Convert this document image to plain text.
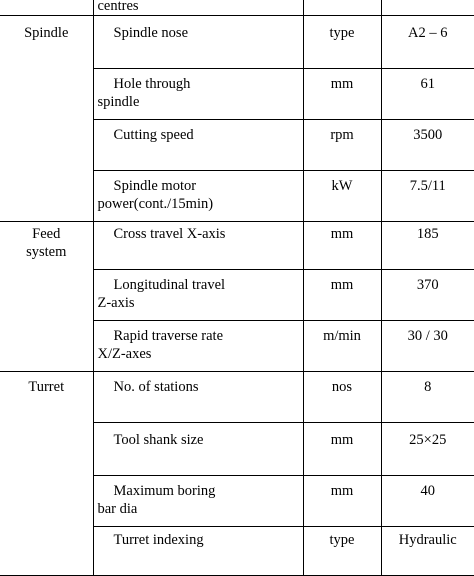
	centres		

Spindle	Spindle nose	type	A2 – 6

	Hole through
spindle	mm	61

	Cutting speed	rpm	3500

	Spindle motor
power(cont./15min)	kW	7.5/11
Feed
system	Cross travel X-axis	mm	185

	Longitudinal travel
Z-axis	mm	370

	Rapid traverse rate
X/Z-axes	m/min	30 / 30
Turret	No. of stations	nos	8

	Tool shank size	mm	25×25

	Maximum boring
bar dia	mm	40

	Turret indexing	type	Hydraulic
